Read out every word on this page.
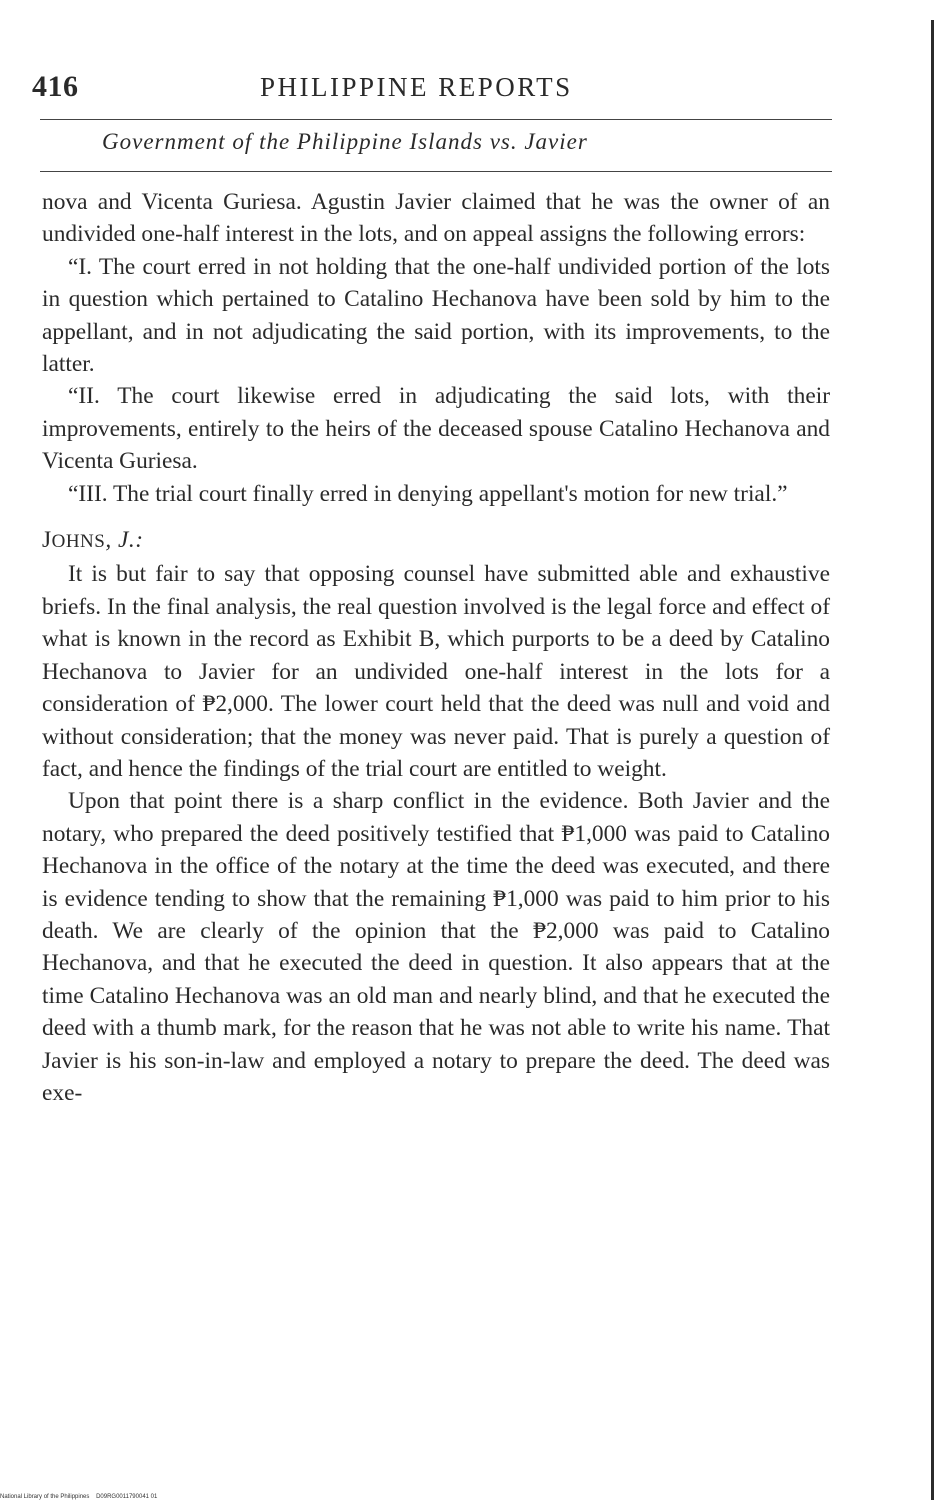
416	PHILIPPINE REPORTS
Government of the Philippine Islands vs. Javier

nova and Vicenta Guriesa. Agustin Javier claimed that he was the owner of an undivided one-half interest in the lots, and on appeal assigns the following errors:

“I. The court erred in not holding that the one-half undivided portion of the lots in question which pertained to Catalino Hechanova have been sold by him to the appellant, and in not adjudicating the said portion, with its improvements, to the latter.

“II. The court likewise erred in adjudicating the said lots, with their improvements, entirely to the heirs of the deceased spouse Catalino Hechanova and Vicenta Guriesa.

“III. The trial court finally erred in denying appellant's motion for new trial.”

JOHNS, J.:

It is but fair to say that opposing counsel have submitted able and exhaustive briefs. In the final analysis, the real question involved is the legal force and effect of what is known in the record as Exhibit B, which purports to be a deed by Catalino Hechanova to Javier for an undivided one-half interest in the lots for a consideration of ₱2,000. The lower court held that the deed was null and void and without consideration; that the money was never paid. That is purely a question of fact, and hence the findings of the trial court are entitled to weight.

Upon that point there is a sharp conflict in the evidence. Both Javier and the notary, who prepared the deed positively testified that ₱1,000 was paid to Catalino Hechanova in the office of the notary at the time the deed was executed, and there is evidence tending to show that the remaining ₱1,000 was paid to him prior to his death. We are clearly of the opinion that the ₱2,000 was paid to Catalino Hechanova, and that he executed the deed in question. It also appears that at the time Catalino Hechanova was an old man and nearly blind, and that he executed the deed with a thumb mark, for the reason that he was not able to write his name. That Javier is his son-in-law and employed a notary to prepare the deed. The deed was exe-

National Library of the Philippines D09RG0011790041 01
